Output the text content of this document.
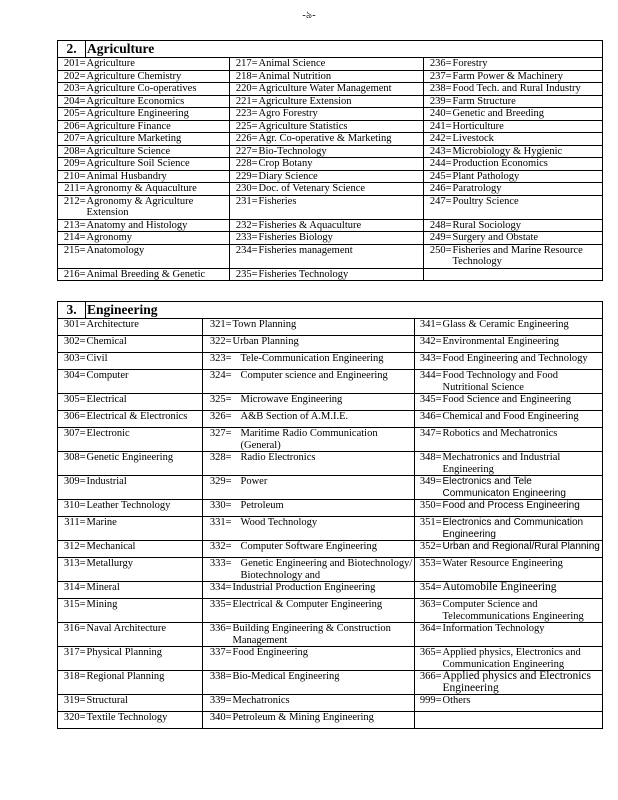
-৯-
2.	Agriculture				
201=	Agriculture	217=	Animal Science	236=	Forestry
202=	Agriculture Chemistry	218=	Animal Nutrition	237=	Farm Power & Machinery
203=	Agriculture Co-operatives	220=	Agriculture Water Management	238=	Food Tech. and Rural Industry
204=	Agriculture Economics	221=	Agriculture Extension	239=	Farm Structure
205=	Agriculture Engineering	223=	Agro Forestry	240=	Genetic and Breeding
206=	Agriculture Finance	225=	Agriculture Statistics	241=	Horticulture
207=	Agriculture Marketing	226=	Agr. Co-operative & Marketing	242=	Livestock
208=	Agriculture Science	227=	Bio-Technology	243=	Microbiology & Hygienic
209=	Agriculture Soil Science	228=	Crop Botany	244=	Production Economics
210=	Animal Husbandry	229=	Diary Science	245=	Plant Pathology
211=	Agronomy & Aquaculture	230=	Doc. of Vetenary Science	246=	Paratrology
212=	Agronomy & Agriculture Extension	231=	Fisheries	247=	Poultry Science
213=	Anatomy and Histology	232=	Fisheries & Aquaculture	248=	Rural Sociology
214=	Agronomy	233=	Fisheries Biology	249=	Surgery and Obstate
215=	Anatomology	234=	Fisheries management	250=	Fisheries and Marine Resource Technology
216=	Animal Breeding & Genetic	235=	Fisheries Technology		
3.	Engineering				
301=	Architecture	321=	Town Planning	341=	Glass & Ceramic Engineering
302=	Chemical	322=	Urban Planning	342=	Environmental Engineering
303=	Civil	323=	Tele-Communication Engineering	343=	Food Engineering and Technology
304=	Computer	324=	Computer science and Engineering	344=	Food Technology and Food Nutritional Science
305=	Electrical	325=	Microwave Engineering	345=	Food Science and Engineering
306=	Electrical & Electronics	326=	A&B Section of A.M.I.E.	346=	Chemical and Food Engineering
307=	Electronic	327=	Maritime Radio Communication (General)	347=	Robotics and Mechatronics
308=	Genetic Engineering	328=	Radio Electronics	348=	Mechatronics and Industrial Engineering
309=	Industrial	329=	Power	349=	Electronics and Tele Communicaton Engineering
310=	Leather Technology	330=	Petroleum	350=	Food and Process Engineering
311=	Marine	331=	Wood Technology	351=	Electronics and Communication Engineering
312=	Mechanical	332=	Computer Software Engineering	352=	Urban and Regional/Rural Planning
313=	Metallurgy	333=	Genetic Engineering and Biotechnology/ Biotechnology and	353=	Water Resource Engineering
314=	Mineral	334=	Industrial Production Engineering	354=	Automobile Engineering
315=	Mining	335=	Electrical & Computer Engineering	363=	Computer Science and Telecommunications Engineering
316=	Naval Architecture	336=	Building Engineering & Construction Management	364=	Information Technology
317=	Physical Planning	337=	Food Engineering	365=	Applied physics, Electronics and Communication Engineering
318=	Regional Planning	338=	Bio-Medical Engineering	366=	Applied physics and Electronics Engineering
319=	Structural	339=	Mechatronics	999=	Others
320=	Textile Technology	340=	Petroleum & Mining Engineering		
